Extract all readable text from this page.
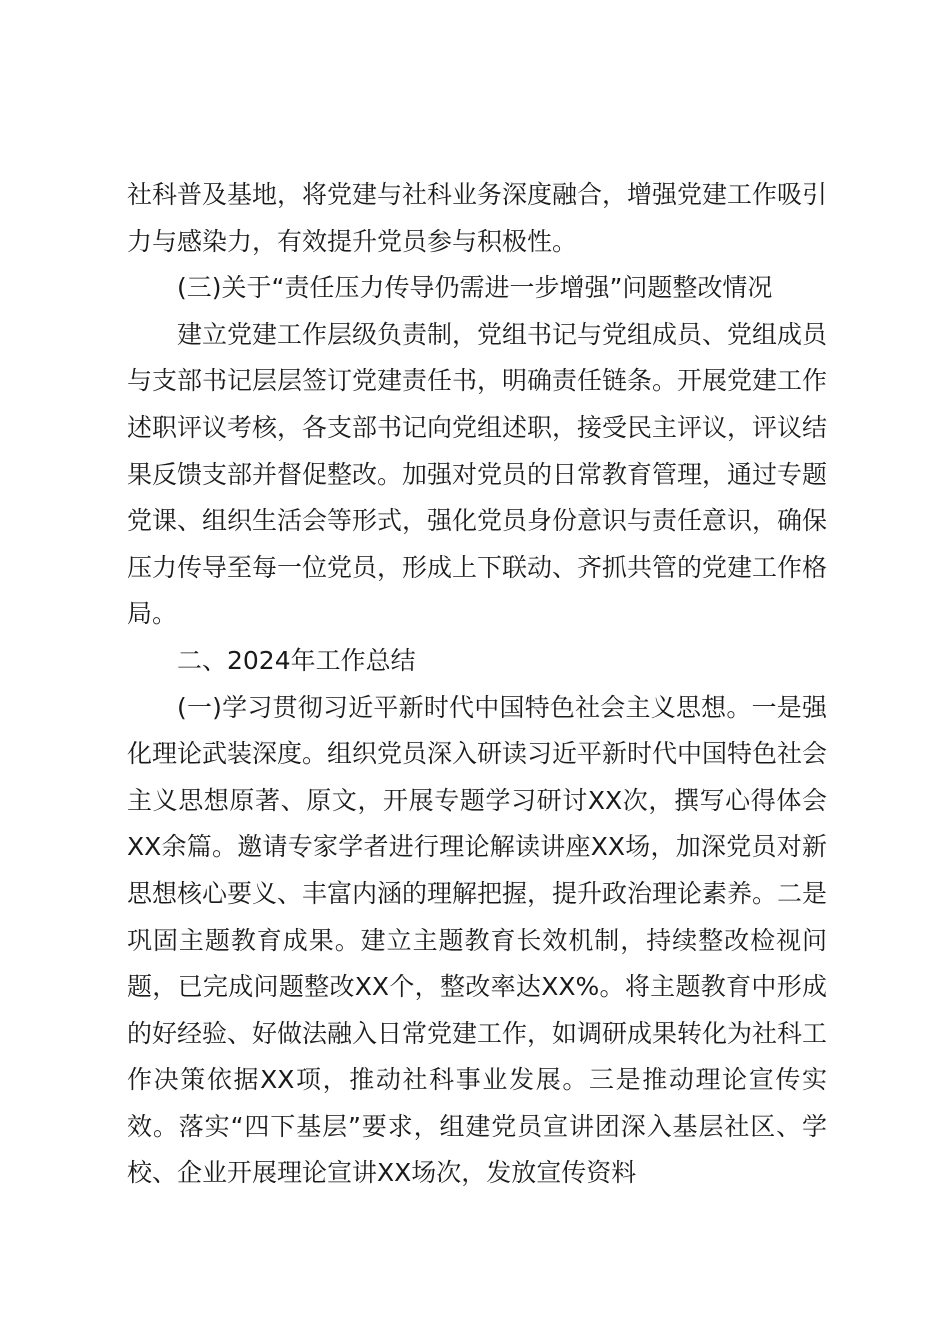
社科普及基地，将党建与社科业务深度融合，增强党建工作吸引力与感染力，有效提升党员参与积极性。

(三)关于“责任压力传导仍需进一步增强”问题整改情况

建立党建工作层级负责制，党组书记与党组成员、党组成员与支部书记层层签订党建责任书，明确责任链条。开展党建工作述职评议考核，各支部书记向党组述职，接受民主评议，评议结果反馈支部并督促整改。加强对党员的日常教育管理，通过专题党课、组织生活会等形式，强化党员身份意识与责任意识，确保压力传导至每一位党员，形成上下联动、齐抓共管的党建工作格局。

二、2024年工作总结

(一)学习贯彻习近平新时代中国特色社会主义思想。一是强化理论武装深度。组织党员深入研读习近平新时代中国特色社会主义思想原著、原文，开展专题学习研讨XX次，撰写心得体会XX余篇。邀请专家学者进行理论解读讲座XX场，加深党员对新思想核心要义、丰富内涵的理解把握，提升政治理论素养。二是巩固主题教育成果。建立主题教育长效机制，持续整改检视问题，已完成问题整改XX个，整改率达XX%。将主题教育中形成的好经验、好做法融入日常党建工作，如调研成果转化为社科工作决策依据XX项，推动社科事业发展。三是推动理论宣传实效。落实“四下基层”要求，组建党员宣讲团深入基层社区、学校、企业开展理论宣讲XX场次，发放宣传资料
